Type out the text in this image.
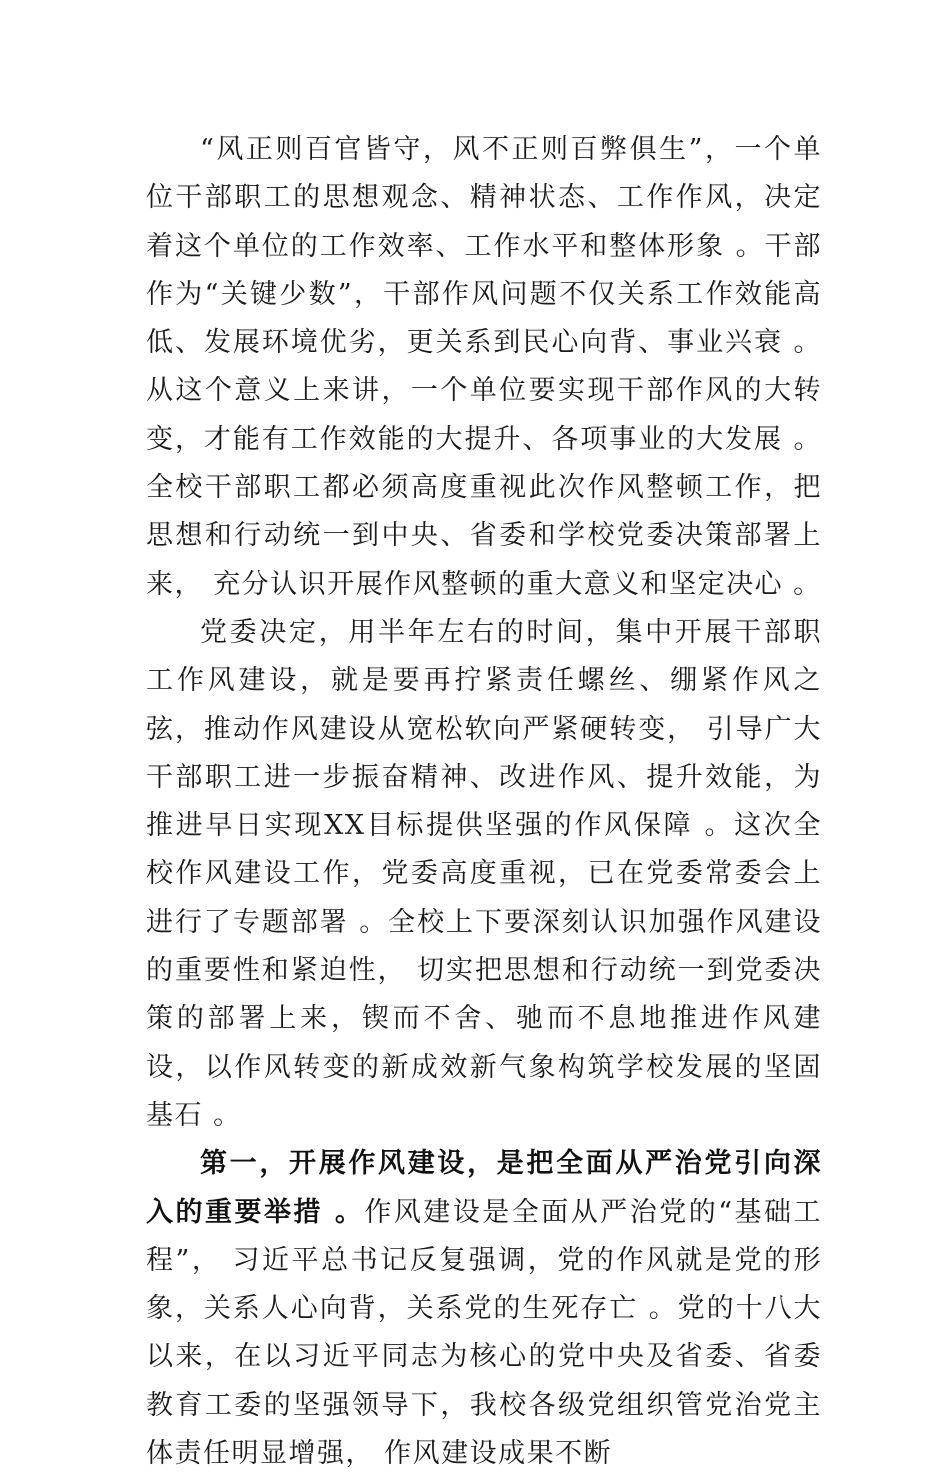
“风正则百官皆守，风不正则百弊俱生”，一个单位干部职工的思想观念、精神状态、工作作风，决定着这个单位的工作效率、工作水平和整体形象 。干部作为“关键少数”，干部作风问题不仅关系工作效能高低、发展环境优劣，更关系到民心向背、事业兴衰 。从这个意义上来讲，一个单位要实现干部作风的大转变，才能有工作效能的大提升、各项事业的大发展 。全校干部职工都必须高度重视此次作风整顿工作，把思想和行动统一到中央、省委和学校党委决策部署上来， 充分认识开展作风整顿的重大意义和坚定决心 。

党委决定，用半年左右的时间，集中开展干部职工作风建设，就是要再拧紧责任螺丝、绷紧作风之弦，推动作风建设从宽松软向严紧硬转变， 引导广大干部职工进一步振奋精神、改进作风、提升效能，为推进早日实现XX目标提供坚强的作风保障 。这次全校作风建设工作，党委高度重视，已在党委常委会上进行了专题部署 。全校上下要深刻认识加强作风建设的重要性和紧迫性， 切实把思想和行动统一到党委决策的部署上来，锲而不舍、驰而不息地推进作风建设，以作风转变的新成效新气象构筑学校发展的坚固基石 。

第一，开展作风建设，是把全面从严治党引向深入的重要举措 。作风建设是全面从严治党的“基础工程”， 习近平总书记反复强调，党的作风就是党的形象，关系人心向背，关系党的生死存亡 。党的十八大以来，在以习近平同志为核心的党中央及省委、省委教育工委的坚强领导下，我校各级党组织管党治党主体责任明显增强， 作风建设成果不断
